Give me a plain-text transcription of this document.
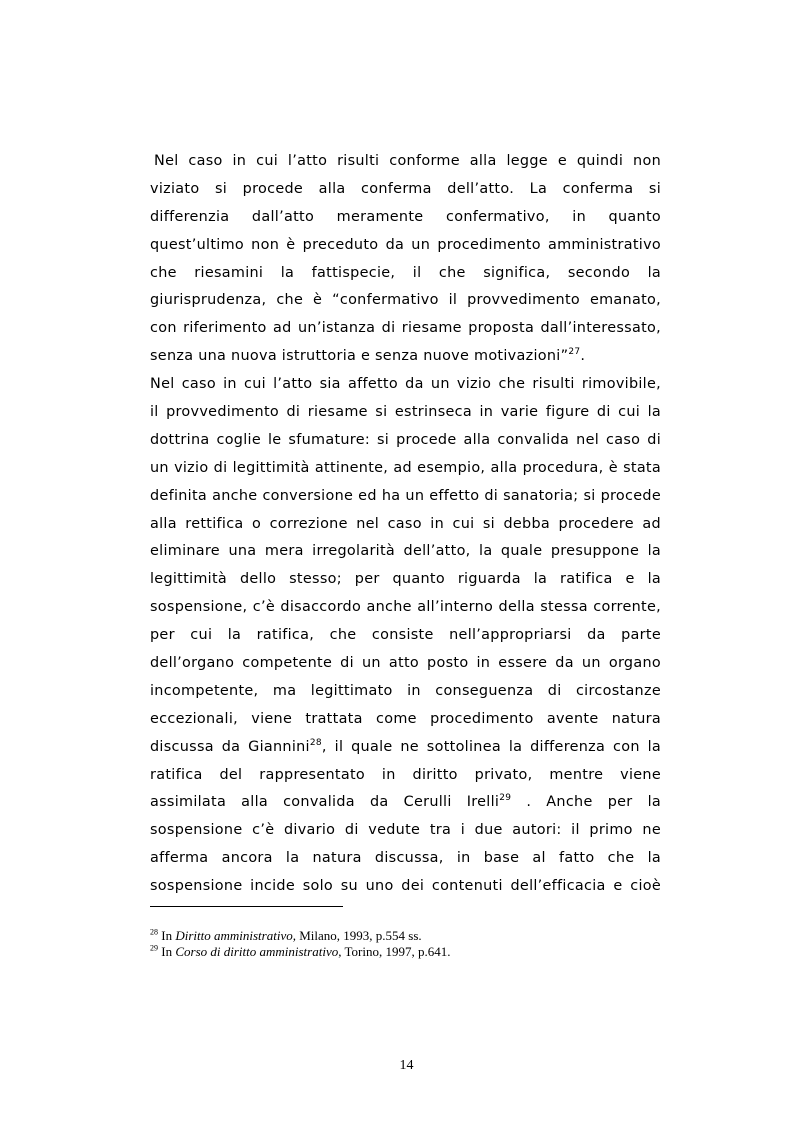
Nel caso in cui l’atto risulti conforme alla legge e quindi non
viziato si procede alla conferma dell’atto. La conferma si
differenzia dall’atto meramente confermativo, in quanto
quest’ultimo non è preceduto da un procedimento amministrativo
che riesamini la fattispecie, il che significa, secondo la
giurisprudenza, che è “confermativo il provvedimento emanato,
con riferimento ad un’istanza di riesame proposta dall’interessato,
senza una nuova istruttoria e senza nuove motivazioni”$^{27}$.
Nel caso in cui l’atto sia affetto da un vizio che risulti rimovibile,
il provvedimento di riesame si estrinseca in varie figure di cui la
dottrina coglie le sfumature: si procede alla convalida nel caso di
un vizio di legittimità attinente, ad esempio, alla procedura, è stata
definita anche conversione ed ha un effetto di sanatoria; si procede
alla rettifica o correzione nel caso in cui si debba procedere ad
eliminare una mera irregolarità dell’atto, la quale presuppone la
legittimità dello stesso; per quanto riguarda la ratifica e la
sospensione, c’è disaccordo anche all’interno della stessa corrente,
per cui la ratifica, che consiste nell’appropriarsi da parte
dell’organo competente di un atto posto in essere da un organo
incompetente, ma legittimato in conseguenza di circostanze
eccezionali, viene trattata come procedimento avente natura
discussa da Giannini$^{28}$, il quale ne sottolinea la differenza con la
ratifica del rappresentato in diritto privato, mentre viene
assimilata alla convalida da Cerulli Irelli$^{29}$ . Anche per la
sospensione c’è divario di vedute tra i due autori: il primo ne
afferma ancora la natura discussa, in base al fatto che la
sospensione incide solo su uno dei contenuti dell’efficacia e cioè
$^{28}$ In Diritto amministrativo, Milano, 1993, p.554 ss.
$^{29}$ In Corso di diritto amministrativo, Torino, 1997, p.641.
14
